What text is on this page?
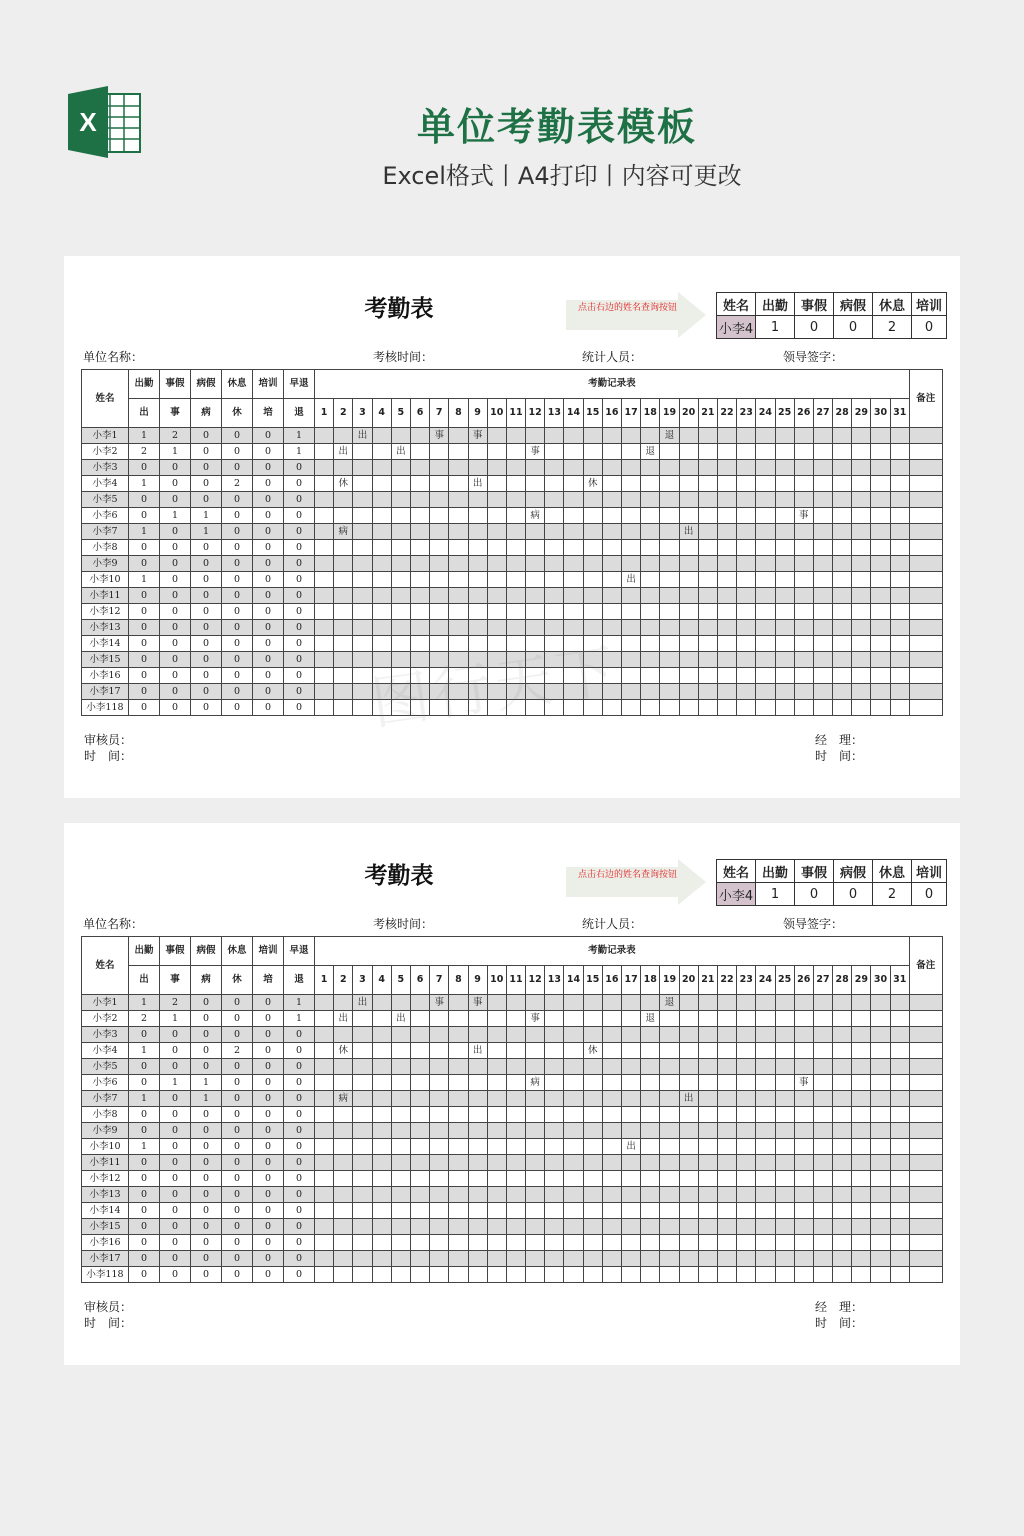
X	单位考勤表模板
Excel格式丨A4打印丨内容可更改
考勤表	点击右边的姓名查询按钮	姓名	出勤	事假	病假	休息	培训
小李4	1	0	0	2	0
单位名称：	考核时间：	统计人员：	领导签字：
姓名	出勤	事假	病假	休息	培训	早退	考勤记录表																															备注
	出	事	病	休	培	退	1	2	3	4	5	6	7	8	9	10	11	12	13	14	15	16	17	18	19	20	21	22	23	24	25	26	27	28	29	30	31	
小李1	1	2	0	0	0	1			出				事		事										退													
小李2	2	1	0	0	0	1		出			出							事						退														
小李3	0	0	0	0	0	0																																
小李4	1	0	0	2	0	0		休							出						休																	
小李5	0	0	0	0	0	0																																
小李6	0	1	1	0	0	0												病														事						
小李7	1	0	1	0	0	0		病																		出												
小李8	0	0	0	0	0	0																																
小李9	0	0	0	0	0	0																																
小李10	1	0	0	0	0	0																	出															
小李11	0	0	0	0	0	0																																
小李12	0	0	0	0	0	0																																
小李13	0	0	0	0	0	0																																
小李14	0	0	0	0	0	0																																
小李15	0	0	0	0	0	0																																
小李16	0	0	0	0	0	0																																
小李17	0	0	0	0	0	0																																
小李118	0	0	0	0	0	0																																
审核员：
时　间：
经　理：
时　间：
考勤表	点击右边的姓名查询按钮	姓名	出勤	事假	病假	休息	培训
小李4	1	0	0	2	0
单位名称：	考核时间：	统计人员：	领导签字：
姓名	出勤	事假	病假	休息	培训	早退	考勤记录表																															备注
	出	事	病	休	培	退	1	2	3	4	5	6	7	8	9	10	11	12	13	14	15	16	17	18	19	20	21	22	23	24	25	26	27	28	29	30	31	
小李1	1	2	0	0	0	1			出				事		事										退													
小李2	2	1	0	0	0	1		出			出							事						退														
小李3	0	0	0	0	0	0																																
小李4	1	0	0	2	0	0		休							出						休																	
小李5	0	0	0	0	0	0																																
小李6	0	1	1	0	0	0												病														事						
小李7	1	0	1	0	0	0		病																		出												
小李8	0	0	0	0	0	0																																
小李9	0	0	0	0	0	0																																
小李10	1	0	0	0	0	0																	出															
小李11	0	0	0	0	0	0																																
小李12	0	0	0	0	0	0																																
小李13	0	0	0	0	0	0																																
小李14	0	0	0	0	0	0																																
小李15	0	0	0	0	0	0																																
小李16	0	0	0	0	0	0																																
小李17	0	0	0	0	0	0																																
小李118	0	0	0	0	0	0																																
审核员：
时　间：
经　理：
时　间：
